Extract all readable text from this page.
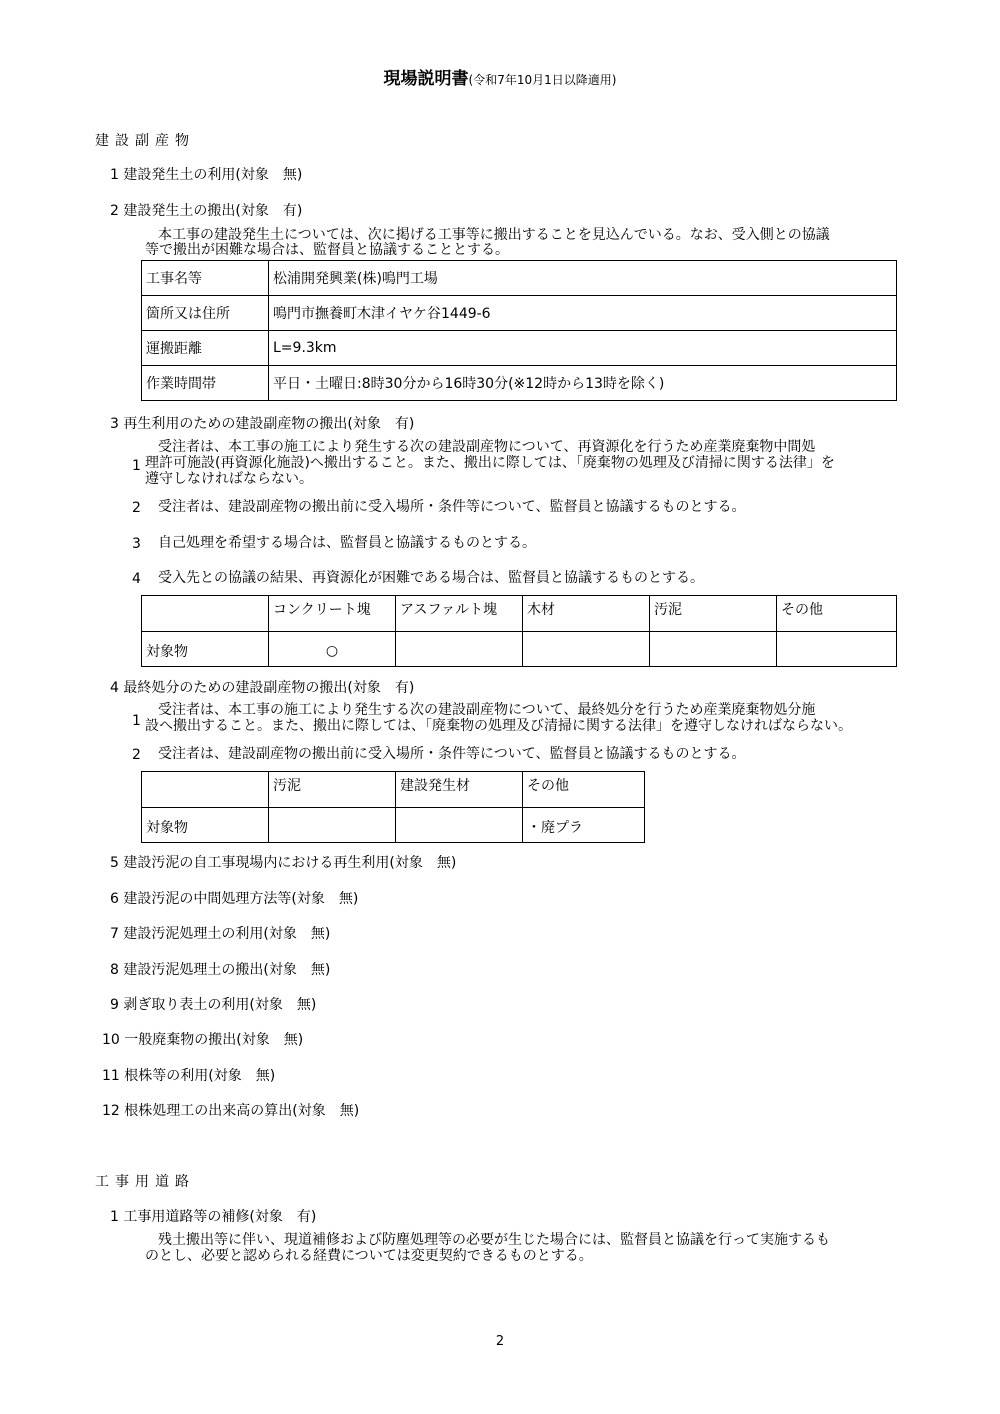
現場説明書(令和7年10月1日以降適用)
建設副産物
1 建設発生土の利用(対象　無)
2 建設発生土の搬出(対象　有)
本工事の建設発生土については、次に掲げる工事等に搬出することを見込んでいる。なお、受入側との協議
等で搬出が困難な場合は、監督員と協議することとする。
工事名等	松浦開発興業(株)鳴門工場
箇所又は住所	鳴門市撫養町木津イヤケ谷1449-6
運搬距離	L=9.3km
作業時間帯	平日・土曜日:8時30分から16時30分(※12時から13時を除く)
3 再生利用のための建設副産物の搬出(対象　有)
受注者は、本工事の施工により発生する次の建設副産物について、再資源化を行うため産業廃棄物中間処
1 理許可施設(再資源化施設)へ搬出すること。また、搬出に際しては、「廃棄物の処理及び清掃に関する法律」を
遵守しなければならない。
2 受注者は、建設副産物の搬出前に受入場所・条件等について、監督員と協議するものとする。
3 自己処理を希望する場合は、監督員と協議するものとする。
4 受入先との協議の結果、再資源化が困難である場合は、監督員と協議するものとする。
	コンクリート塊	アスファルト塊	木材	汚泥	その他
対象物	○				
4 最終処分のための建設副産物の搬出(対象　有)
受注者は、本工事の施工により発生する次の建設副産物について、最終処分を行うため産業廃棄物処分施
1 設へ搬出すること。また、搬出に際しては、「廃棄物の処理及び清掃に関する法律」を遵守しなければならない。
2 受注者は、建設副産物の搬出前に受入場所・条件等について、監督員と協議するものとする。
	汚泥	建設発生材	その他
対象物			・廃プラ
5 建設汚泥の自工事現場内における再生利用(対象　無)
6 建設汚泥の中間処理方法等(対象　無)
7 建設汚泥処理土の利用(対象　無)
8 建設汚泥処理土の搬出(対象　無)
9 剥ぎ取り表土の利用(対象　無)
10 一般廃棄物の搬出(対象　無)
11 根株等の利用(対象　無)
12 根株処理工の出来高の算出(対象　無)
工事用道路
1 工事用道路等の補修(対象　有)
残土搬出等に伴い、現道補修および防塵処理等の必要が生じた場合には、監督員と協議を行って実施するも
のとし、必要と認められる経費については変更契約できるものとする。
2
